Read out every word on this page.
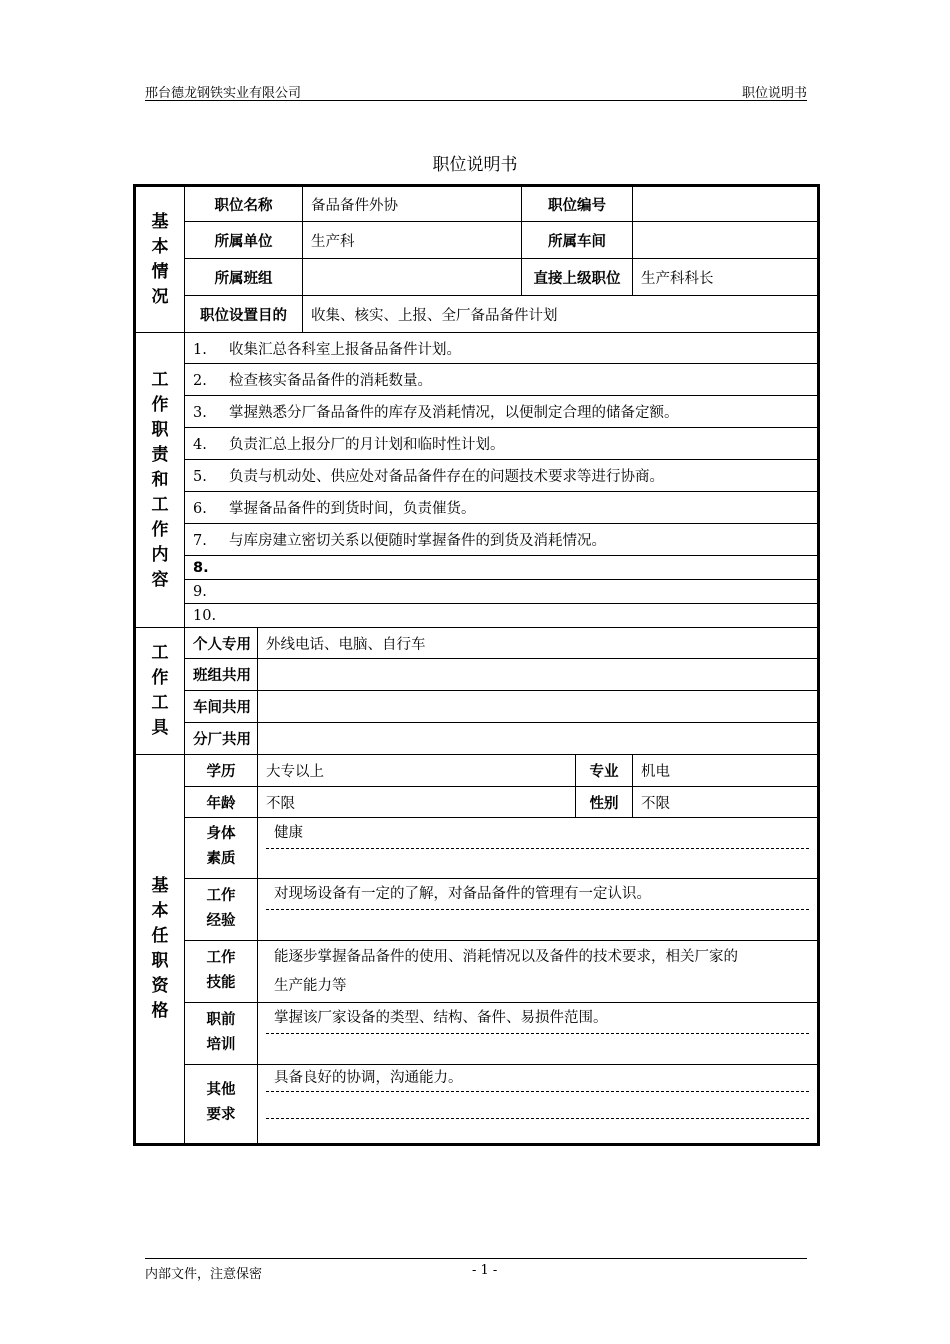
邢台德龙钢铁实业有限公司	职位说明书
职位说明书
基本情况	职位名称		备品备件外协	职位编号		
	所属单位		生产科	所属车间		
	所属班组			直接上级职位		生产科科长
	职位设置目的		收集、核实、上报、全厂备品备件计划			
工作职责和工作内容	1. 收集汇总各科室上报备品备件计划。					
	2. 检查核实备品备件的消耗数量。					
	3. 掌握熟悉分厂备品备件的库存及消耗情况，以便制定合理的储备定额。					
	4. 负责汇总上报分厂的月计划和临时性计划。					
	5. 负责与机动处、供应处对备品备件存在的问题技术要求等进行协商。					
	6. 掌握备品备件的到货时间，负责催货。					
	7. 与库房建立密切关系以便随时掌握备件的到货及消耗情况。					
	8.					
	9.					
	10.					
工作工具	个人专用	外线电话、电脑、自行车				
	班组共用					
	车间共用					
	分厂共用					
基本任职资格	学历	大专以上			专业	机电
	年龄	不限			性别	不限
	身体素质	健康				

	工作经验	对现场设备有一定的了解，对备品备件的管理有一定认识。				

	工作技能	能逐步掌握备品备件的使用、消耗情况以及备件的技术要求，相关厂家的
生产能力等				

	职前培训	掌握该厂家设备的类型、结构、备件、易损件范围。				

	其他要求	具备良好的协调，沟通能力。				
内部文件，注意保密	- 1 -
